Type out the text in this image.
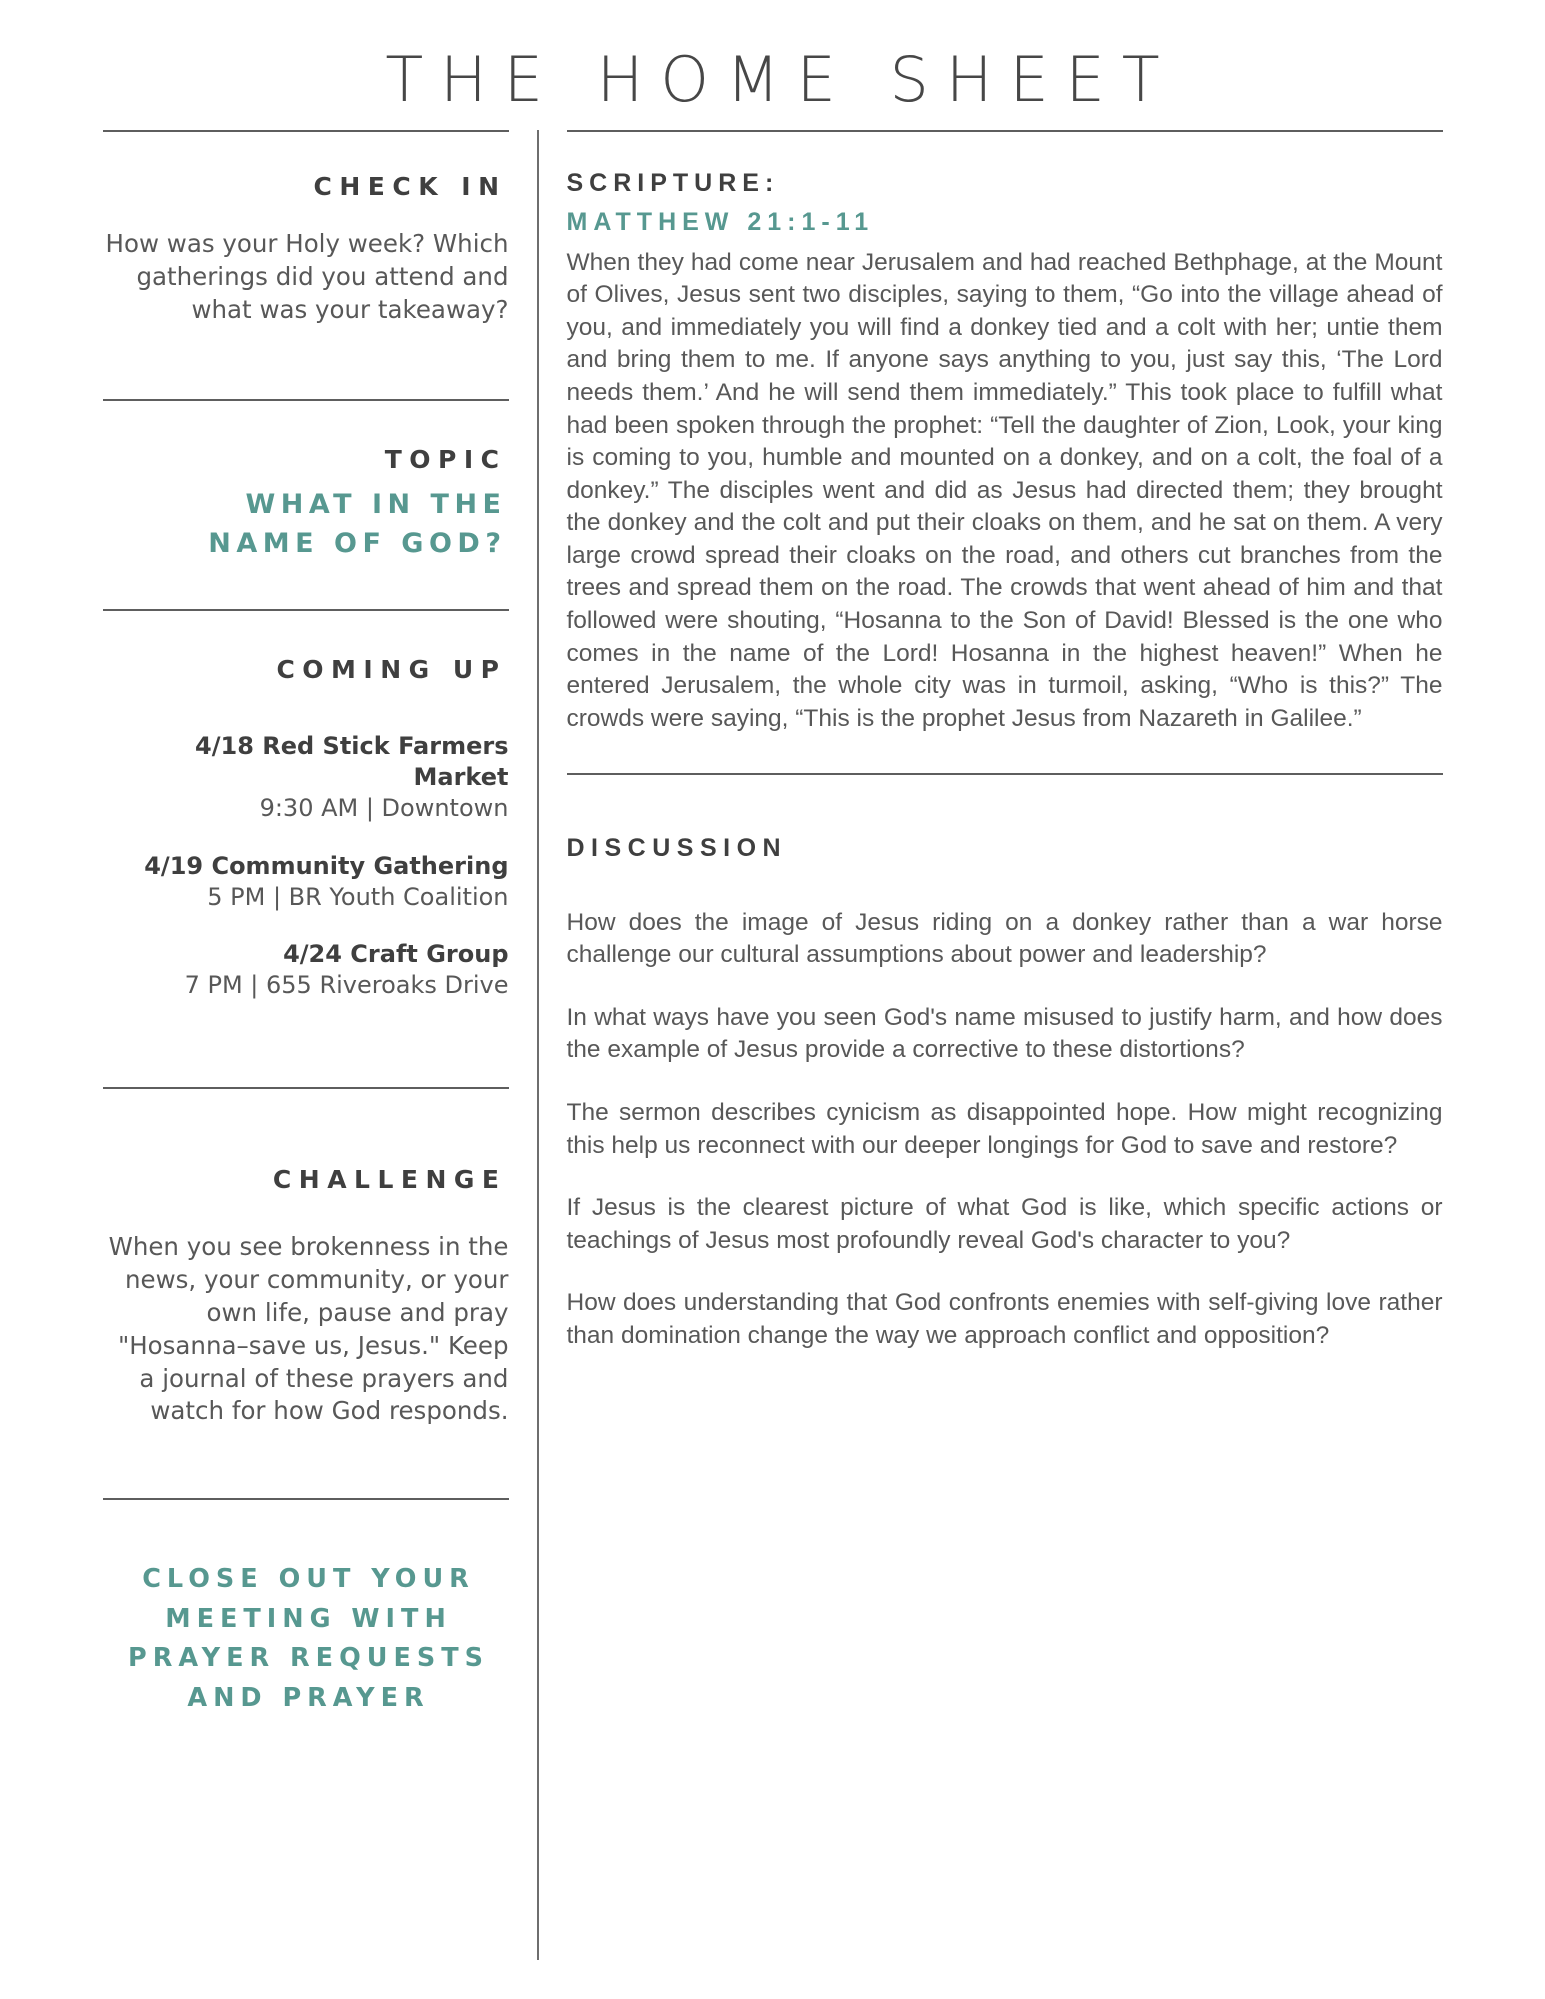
THE HOME SHEET
CHECK IN
How was your Holy week? Which gatherings did you attend and what was your takeaway?
TOPIC
WHAT IN THE
NAME OF GOD?
COMING UP
4/18 Red Stick Farmers Market
9:30 AM | Downtown
4/19 Community Gathering
5 PM | BR Youth Coalition
4/24 Craft Group
7 PM | 655 Riveroaks Drive
CHALLENGE
When you see brokenness in the news, your community, or your own life, pause and pray "Hosanna–save us, Jesus." Keep a journal of these prayers and watch for how God responds.
CLOSE OUT YOUR
MEETING WITH
PRAYER REQUESTS
AND PRAYER
SCRIPTURE:
MATTHEW 21:1-11
When they had come near Jerusalem and had reached Bethphage, at the Mount of Olives, Jesus sent two disciples, saying to them, “Go into the village ahead of you, and immediately you will find a donkey tied and a colt with her; untie them and bring them to me. If anyone says anything to you, just say this, ‘The Lord needs them.’ And he will send them immediately.” This took place to fulfill what had been spoken through the prophet: “Tell the daughter of Zion, Look, your king is coming to you, humble and mounted on a donkey, and on a colt, the foal of a donkey.” The disciples went and did as Jesus had directed them; they brought the donkey and the colt and put their cloaks on them, and he sat on them. A very large crowd spread their cloaks on the road, and others cut branches from the trees and spread them on the road. The crowds that went ahead of him and that followed were shouting, “Hosanna to the Son of David! Blessed is the one who comes in the name of the Lord! Hosanna in the highest heaven!” When he entered Jerusalem, the whole city was in turmoil, asking, “Who is this?” The crowds were saying, “This is the prophet Jesus from Nazareth in Galilee.”
DISCUSSION
How does the image of Jesus riding on a donkey rather than a war horse challenge our cultural assumptions about power and leadership?
In what ways have you seen God's name misused to justify harm, and how does the example of Jesus provide a corrective to these distortions?
The sermon describes cynicism as disappointed hope. How might recognizing this help us reconnect with our deeper longings for God to save and restore?
If Jesus is the clearest picture of what God is like, which specific actions or teachings of Jesus most profoundly reveal God's character to you?
How does understanding that God confronts enemies with self-giving love rather than domination change the way we approach conflict and opposition?
